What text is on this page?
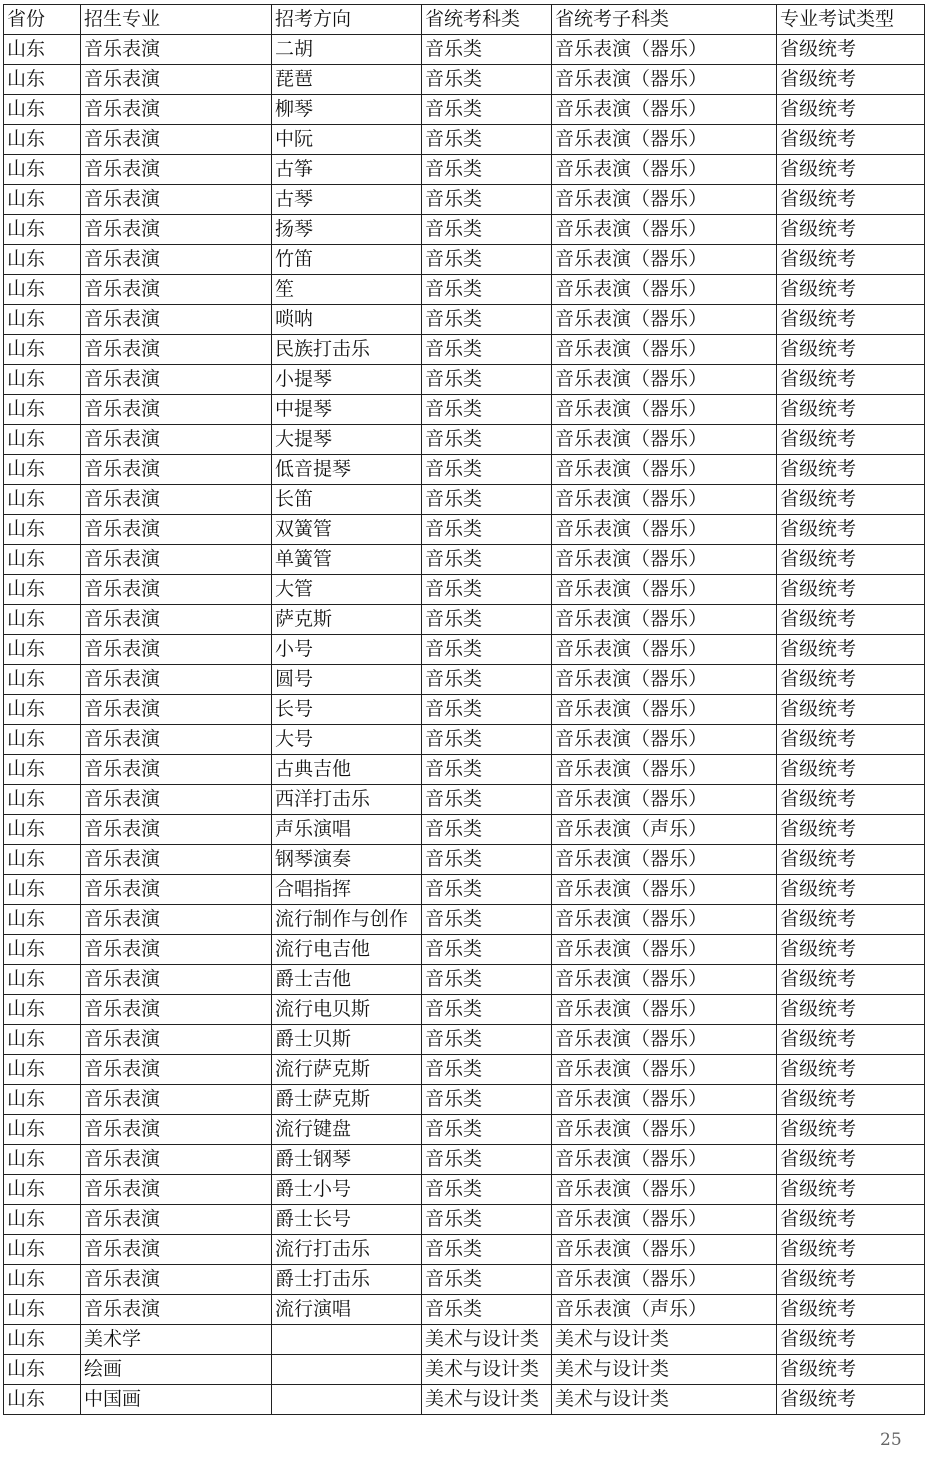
省份	招生专业	招考方向	省统考科类	省统考子科类	专业考试类型
山东	音乐表演	二胡	音乐类	音乐表演（器乐）	省级统考
山东	音乐表演	琵琶	音乐类	音乐表演（器乐）	省级统考
山东	音乐表演	柳琴	音乐类	音乐表演（器乐）	省级统考
山东	音乐表演	中阮	音乐类	音乐表演（器乐）	省级统考
山东	音乐表演	古筝	音乐类	音乐表演（器乐）	省级统考
山东	音乐表演	古琴	音乐类	音乐表演（器乐）	省级统考
山东	音乐表演	扬琴	音乐类	音乐表演（器乐）	省级统考
山东	音乐表演	竹笛	音乐类	音乐表演（器乐）	省级统考
山东	音乐表演	笙	音乐类	音乐表演（器乐）	省级统考
山东	音乐表演	唢呐	音乐类	音乐表演（器乐）	省级统考
山东	音乐表演	民族打击乐	音乐类	音乐表演（器乐）	省级统考
山东	音乐表演	小提琴	音乐类	音乐表演（器乐）	省级统考
山东	音乐表演	中提琴	音乐类	音乐表演（器乐）	省级统考
山东	音乐表演	大提琴	音乐类	音乐表演（器乐）	省级统考
山东	音乐表演	低音提琴	音乐类	音乐表演（器乐）	省级统考
山东	音乐表演	长笛	音乐类	音乐表演（器乐）	省级统考
山东	音乐表演	双簧管	音乐类	音乐表演（器乐）	省级统考
山东	音乐表演	单簧管	音乐类	音乐表演（器乐）	省级统考
山东	音乐表演	大管	音乐类	音乐表演（器乐）	省级统考
山东	音乐表演	萨克斯	音乐类	音乐表演（器乐）	省级统考
山东	音乐表演	小号	音乐类	音乐表演（器乐）	省级统考
山东	音乐表演	圆号	音乐类	音乐表演（器乐）	省级统考
山东	音乐表演	长号	音乐类	音乐表演（器乐）	省级统考
山东	音乐表演	大号	音乐类	音乐表演（器乐）	省级统考
山东	音乐表演	古典吉他	音乐类	音乐表演（器乐）	省级统考
山东	音乐表演	西洋打击乐	音乐类	音乐表演（器乐）	省级统考
山东	音乐表演	声乐演唱	音乐类	音乐表演（声乐）	省级统考
山东	音乐表演	钢琴演奏	音乐类	音乐表演（器乐）	省级统考
山东	音乐表演	合唱指挥	音乐类	音乐表演（器乐）	省级统考
山东	音乐表演	流行制作与创作	音乐类	音乐表演（器乐）	省级统考
山东	音乐表演	流行电吉他	音乐类	音乐表演（器乐）	省级统考
山东	音乐表演	爵士吉他	音乐类	音乐表演（器乐）	省级统考
山东	音乐表演	流行电贝斯	音乐类	音乐表演（器乐）	省级统考
山东	音乐表演	爵士贝斯	音乐类	音乐表演（器乐）	省级统考
山东	音乐表演	流行萨克斯	音乐类	音乐表演（器乐）	省级统考
山东	音乐表演	爵士萨克斯	音乐类	音乐表演（器乐）	省级统考
山东	音乐表演	流行键盘	音乐类	音乐表演（器乐）	省级统考
山东	音乐表演	爵士钢琴	音乐类	音乐表演（器乐）	省级统考
山东	音乐表演	爵士小号	音乐类	音乐表演（器乐）	省级统考
山东	音乐表演	爵士长号	音乐类	音乐表演（器乐）	省级统考
山东	音乐表演	流行打击乐	音乐类	音乐表演（器乐）	省级统考
山东	音乐表演	爵士打击乐	音乐类	音乐表演（器乐）	省级统考
山东	音乐表演	流行演唱	音乐类	音乐表演（声乐）	省级统考
山东	美术学		美术与设计类	美术与设计类	省级统考
山东	绘画		美术与设计类	美术与设计类	省级统考
山东	中国画		美术与设计类	美术与设计类	省级统考
25
